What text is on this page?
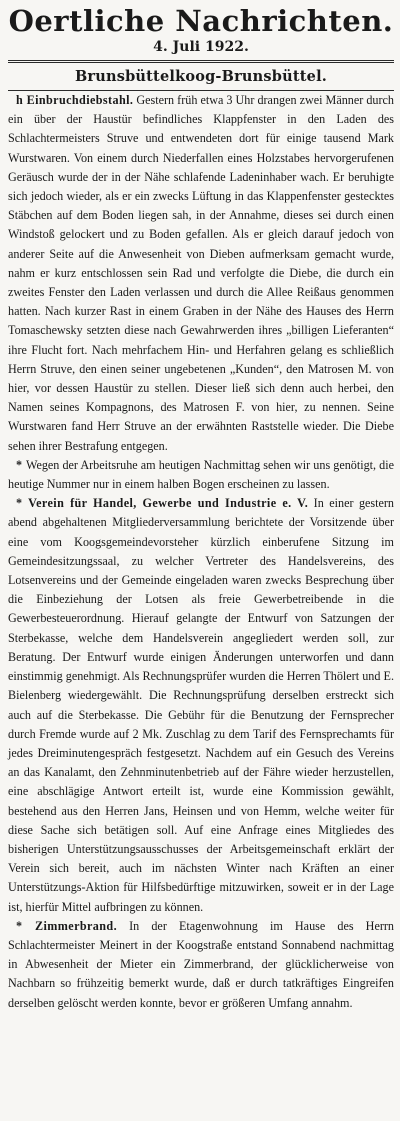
Oertliche Nachrichten.
4. Juli 1922.
Brunsbüttelkoog-Brunsbüttel.

h Einbruchdiebstahl. Gestern früh etwa 3 Uhr drangen zwei Männer durch ein über der Haustür befindliches Klappfenster in den Laden des Schlachtermeisters Struve und entwendeten dort für einige tausend Mark Wurstwaren. Von einem durch Niederfallen eines Holzstabes hervorgerufenen Geräusch wurde der in der Nähe schlafende Ladeninhaber wach. Er beruhigte sich jedoch wieder, als er ein zwecks Lüftung in das Klappenfenster gestecktes Stäbchen auf dem Boden liegen sah, in der Annahme, dieses sei durch einen Windstoß gelockert und zu Boden gefallen. Als er gleich darauf jedoch von anderer Seite auf die Anwesenheit von Dieben aufmerksam gemacht wurde, nahm er kurz entschlossen sein Rad und verfolgte die Diebe, die durch ein zweites Fenster den Laden verlassen und durch die Allee Reißaus genommen hatten. Nach kurzer Rast in einem Graben in der Nähe des Hauses des Herrn Tomaschewsky setzten diese nach Gewahrwerden ihres „billigen Lieferanten“ ihre Flucht fort. Nach mehrfachem Hin- und Herfahren gelang es schließlich Herrn Struve, den einen seiner ungebetenen „Kunden“, den Matrosen M. von hier, vor dessen Haustür zu stellen. Dieser ließ sich denn auch herbei, den Namen seines Kompagnons, des Matrosen F. von hier, zu nennen. Seine Wurstwaren fand Herr Struve an der erwähnten Raststelle wieder. Die Diebe sehen ihrer Bestrafung entgegen.

* Wegen der Arbeitsruhe am heutigen Nachmittag sehen wir uns genötigt, die heutige Nummer nur in einem halben Bogen erscheinen zu lassen.

* Verein für Handel, Gewerbe und Industrie e. V. In einer gestern abend abgehaltenen Mitgliederversammlung berichtete der Vorsitzende über eine vom Koogsgemeindevorsteher kürzlich einberufene Sitzung im Gemeindesitzungssaal, zu welcher Vertreter des Handelsvereins, des Lotsenvereins und der Gemeinde eingeladen waren zwecks Besprechung über die Einbeziehung der Lotsen als freie Gewerbetreibende in die Gewerbesteuerordnung. Hierauf gelangte der Entwurf von Satzungen der Sterbekasse, welche dem Handelsverein angegliedert werden soll, zur Beratung. Der Entwurf wurde einigen Änderungen unterworfen und dann einstimmig genehmigt. Als Rechnungsprüfer wurden die Herren Thölert und E. Bielenberg wiedergewählt. Die Rechnungsprüfung derselben erstreckt sich auch auf die Sterbekasse. Die Gebühr für die Benutzung der Fernsprecher durch Fremde wurde auf 2 Mk. Zuschlag zu dem Tarif des Fernsprechamts für jedes Dreiminutengespräch festgesetzt. Nachdem auf ein Gesuch des Vereins an das Kanalamt, den Zehnminutenbetrieb auf der Fähre wieder herzustellen, eine abschlägige Antwort erteilt ist, wurde eine Kommission gewählt, bestehend aus den Herren Jans, Heinsen und von Hemm, welche weiter für diese Sache sich betätigen soll. Auf eine Anfrage eines Mitgliedes des bisherigen Unterstützungsausschusses der Arbeitsgemeinschaft erklärt der Verein sich bereit, auch im nächsten Winter nach Kräften an einer Unterstützungs-Aktion für Hilfsbedürftige mitzuwirken, soweit er in der Lage ist, hierfür Mittel aufbringen zu können.

* Zimmerbrand. In der Etagenwohnung im Hause des Herrn Schlachtermeister Meinert in der Koogstraße entstand Sonnabend nachmittag in Abwesenheit der Mieter ein Zimmerbrand, der glücklicherweise von Nachbarn so frühzeitig bemerkt wurde, daß er durch tatkräftiges Eingreifen derselben gelöscht werden konnte, bevor er größeren Umfang annahm.
